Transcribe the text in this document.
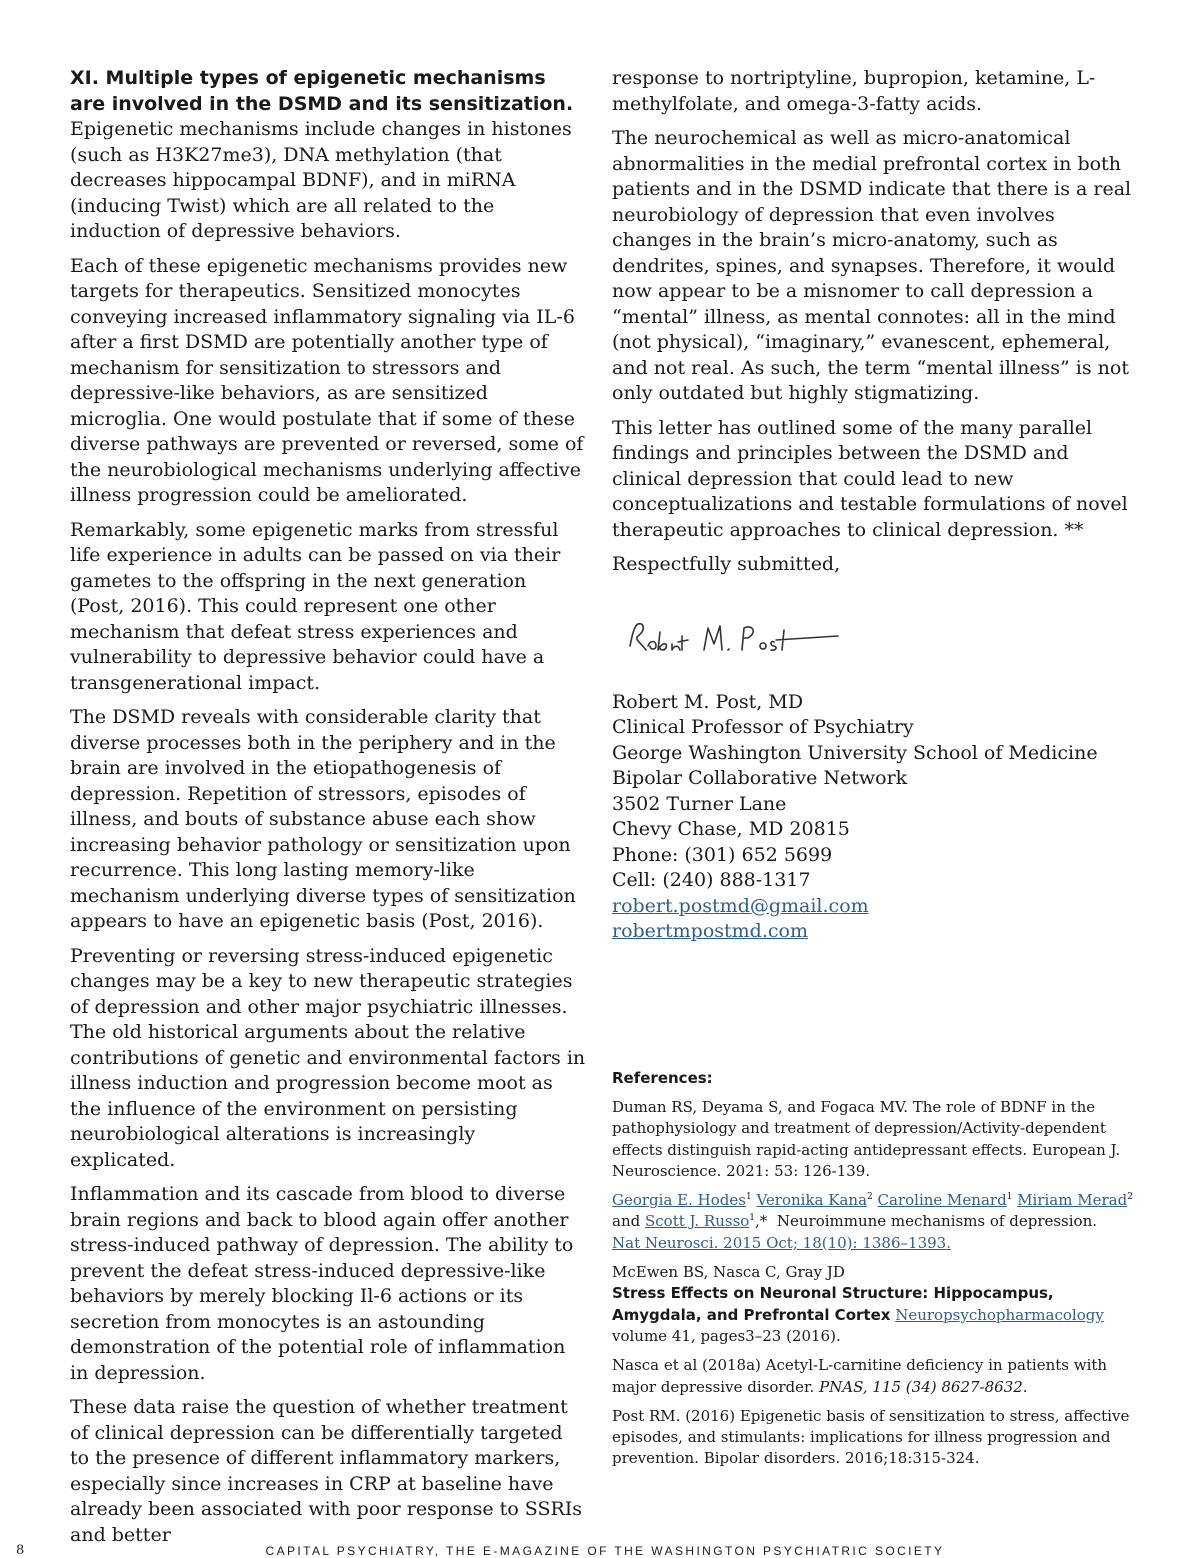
XI. Multiple types of epigenetic mechanisms are involved in the DSMD and its sensitization.

Epigenetic mechanisms include changes in histones (such as H3K27me3), DNA methylation (that decreases hippocampal BDNF), and in miRNA (inducing Twist) which are all related to the induction of depressive behaviors.

Each of these epigenetic mechanisms provides new targets for therapeutics. Sensitized monocytes conveying increased inflammatory signaling via IL-6 after a first DSMD are potentially another type of mechanism for sensitization to stressors and depressive-like behaviors, as are sensitized microglia. One would postulate that if some of these diverse pathways are prevented or reversed, some of the neurobiological mechanisms underlying affective illness progression could be ameliorated.

Remarkably, some epigenetic marks from stressful life experience in adults can be passed on via their gametes to the offspring in the next generation (Post, 2016). This could represent one other mechanism that defeat stress experiences and vulnerability to depressive behavior could have a transgenerational impact.

The DSMD reveals with considerable clarity that diverse processes both in the periphery and in the brain are involved in the etiopathogenesis of depression. Repetition of stressors, episodes of illness, and bouts of substance abuse each show increasing behavior pathology or sensitization upon recurrence. This long lasting memory-like mechanism underlying diverse types of sensitization appears to have an epigenetic basis (Post, 2016).

Preventing or reversing stress-induced epigenetic changes may be a key to new therapeutic strategies of depression and other major psychiatric illnesses. The old historical arguments about the relative contributions of genetic and environmental factors in illness induction and progression become moot as the influence of the environment on persisting neurobiological alterations is increasingly explicated.

Inflammation and its cascade from blood to diverse brain regions and back to blood again offer another stress-induced pathway of depression. The ability to prevent the defeat stress-induced depressive-like behaviors by merely blocking Il-6 actions or its secretion from monocytes is an astounding demonstration of the potential role of inflammation in depression.

These data raise the question of whether treatment of clinical depression can be differentially targeted to the presence of different inflammatory markers, especially since increases in CRP at baseline have already been associated with poor response to SSRIs and better

response to nortriptyline, bupropion, ketamine, L-methylfolate, and omega-3-fatty acids.

The neurochemical as well as micro-anatomical abnormalities in the medial prefrontal cortex in both patients and in the DSMD indicate that there is a real neurobiology of depression that even involves changes in the brain’s micro-anatomy, such as dendrites, spines, and synapses. Therefore, it would now appear to be a misnomer to call depression a “mental” illness, as mental connotes: all in the mind (not physical), “imaginary,” evanescent, ephemeral, and not real. As such, the term “mental illness” is not only outdated but highly stigmatizing.

This letter has outlined some of the many parallel findings and principles between the DSMD and clinical depression that could lead to new conceptualizations and testable formulations of novel therapeutic approaches to clinical depression. **

Respectfully submitted,

Robert M. Post, MD

Clinical Professor of Psychiatry

George Washington University School of Medicine

Bipolar Collaborative Network

3502 Turner Lane

Chevy Chase, MD 20815

Phone: (301) 652 5699

Cell: (240) 888-1317

robert.postmd@gmail.com

robertmpostmd.com

References:

Duman RS, Deyama S, and Fogaca MV. The role of BDNF in the pathophysiology and treatment of depression/Activity-dependent effects distinguish rapid-acting antidepressant effects. European J. Neuroscience. 2021: 53: 126-139.

Georgia E. Hodes$^1$ Veronika Kana$^2$ Caroline Menard$^1$ Miriam Merad$^2$ and Scott J. Russo$^1$,* Neuroimmune mechanisms of depression.
Nat Neurosci. 2015 Oct; 18(10): 1386–1393.

McEwen BS, Nasca C, Gray JD
Stress Effects on Neuronal Structure: Hippocampus, Amygdala, and Prefrontal Cortex Neuropsychopharmacology volume 41, pages3–23 (2016).

Nasca et al (2018a) Acetyl-L-carnitine deficiency in patients with major depressive disorder. PNAS, 115 (34) 8627-8632.

Post RM. (2016) Epigenetic basis of sensitization to stress, affective episodes, and stimulants: implications for illness progression and prevention. Bipolar disorders. 2016;18:315-324.

8	CAPITAL PSYCHIATRY, THE E-MAGAZINE OF THE WASHINGTON PSYCHIATRIC SOCIETY
